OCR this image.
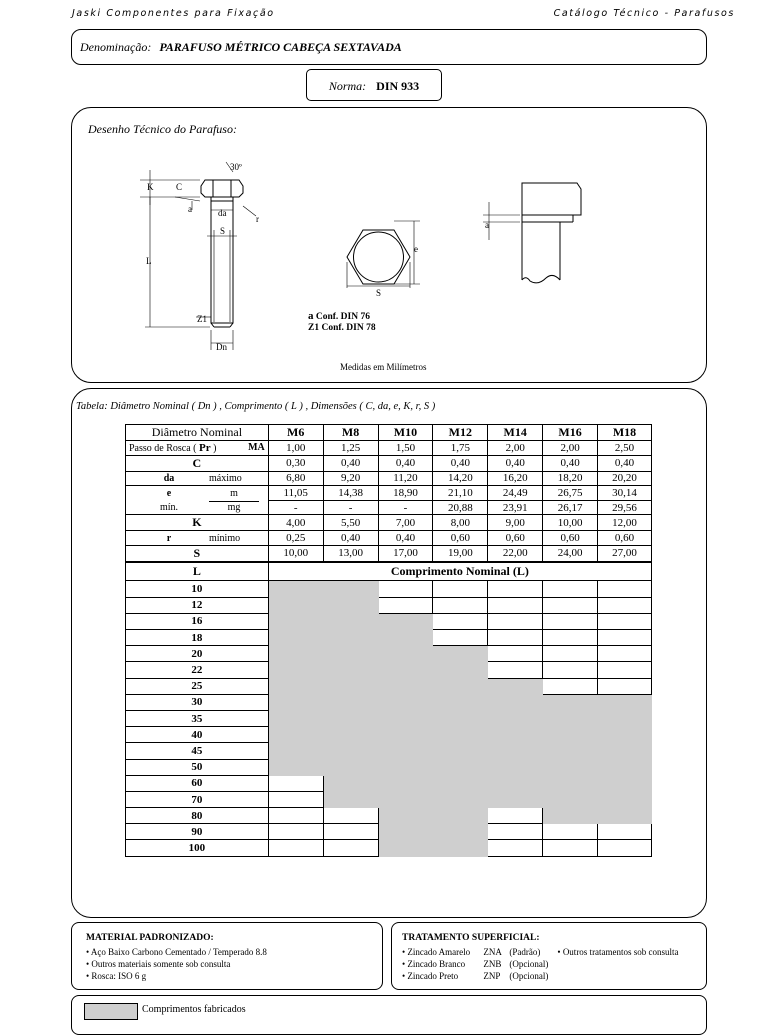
Jaski Componentes para Fixação	Catálogo Técnico - Parafusos
Denominação: PARAFUSO MÉTRICO CABEÇA SEXTAVADA
Norma: DIN 933
Desenho Técnico do Parafuso:
30º
K	C
a	da
r
S
L
Z1
Dn
e
S
a
a Conf. DIN 76
Z1 Conf. DIN 78
Medidas em Milímetros
Tabela: Diâmetro Nominal ( Dn ) , Comprimento ( L ) , Dimensões ( C, da, e, K, r, S )
Diâmetro Nominal	M6	M8	M10	M12	M14	M16	M18
Passo de Rosca ( Pr ) MA	1,00	1,25	1,50	1,75	2,00	2,00	2,50
C	0,30	0,40	0,40	0,40	0,40	0,40	0,40
da máximo	6,80	9,20	11,20	14,20	16,20	18,20	20,20
e m	11,05	14,38	18,90	21,10	24,49	26,75	30,14
mín. mg	-	-	-	20,88	23,91	26,17	29,56
K	4,00	5,50	7,00	8,00	9,00	10,00	12,00
r mínimo	0,25	0,40	0,40	0,60	0,60	0,60	0,60
S	10,00	13,00	17,00	19,00	22,00	24,00	27,00
L	Comprimento Nominal (L)						
10							
12							
16							
18							
20							
22							
25							
30							
35							
40							
45							
50							
60							
70							
80							
90							
100							
MATERIAL PADRONIZADO:
• Aço Baixo Carbono Cementado / Temperado 8.8
• Outros materiais somente sob consulta
• Rosca: ISO 6 g
TRATAMENTO SUPERFICIAL:
• Zincado Amarelo ZNA (Padrão) • Outros tratamentos sob consulta
• Zincado Branco ZNB (Opcional)
• Zincado Preto	ZNP (Opcional)
Comprimentos fabricados
